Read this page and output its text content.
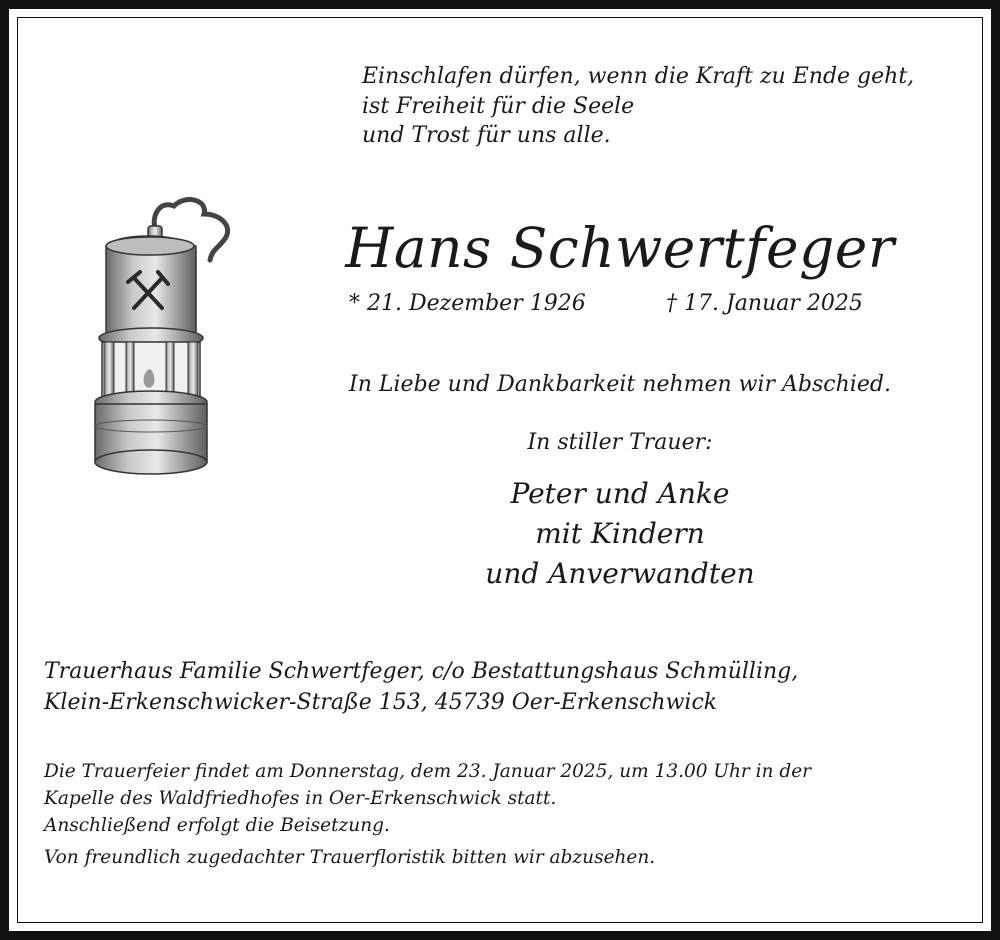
Einschlafen dürfen, wenn die Kraft zu Ende geht,
ist Freiheit für die Seele
und Trost für uns alle.
Hans Schwertfeger
* 21. Dezember 1926	† 17. Januar 2025
In Liebe und Dankbarkeit nehmen wir Abschied.
In stiller Trauer:
Peter und Anke
mit Kindern
und Anverwandten
Trauerhaus Familie Schwertfeger, c/o Bestattungshaus Schmülling,
Klein-Erkenschwicker-Straße 153, 45739 Oer-Erkenschwick
Die Trauerfeier findet am Donnerstag, dem 23. Januar 2025, um 13.00 Uhr in der
Kapelle des Waldfriedhofes in Oer-Erkenschwick statt.
Anschließend erfolgt die Beisetzung.
Von freundlich zugedachter Trauerfloristik bitten wir abzusehen.
